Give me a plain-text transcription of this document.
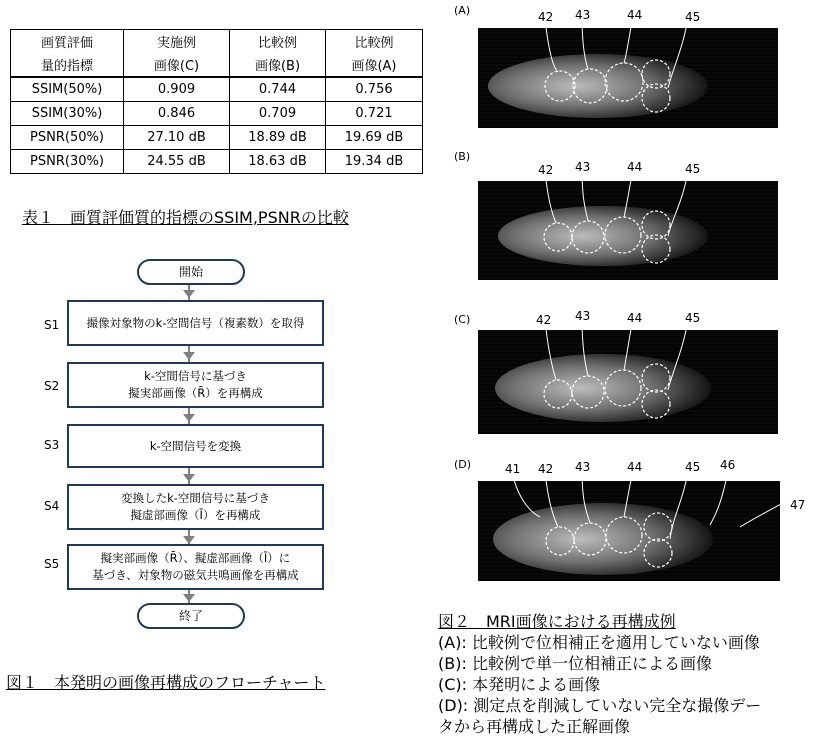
画質評価	実施例	比較例	比較例
量的指標	画像(C)	画像(B)	画像(A)
SSIM(50%)	0.909	0.744	0.756
SSIM(30%)	0.846	0.709	0.721
PSNR(50%)	27.10 dB	18.89 dB	19.69 dB
PSNR(30%)	24.55 dB	18.63 dB	19.34 dB
表１　画質評価質的指標のSSIM,PSNRの比較
開始
S1	撮像対象物のk-空間信号（複素数）を取得
S2
k-空間信号に基づき
擬実部画像（R̄）を再構成
S3	k-空間信号を変換
S4
変換したk-空間信号に基づき
擬虚部画像（Ī）を再構成
S5	擬実部画像（R̄）、擬虚部画像（Ī）に
基づき、対象物の磁気共鳴画像を再構成
終了
図１　本発明の画像再構成のフローチャート
(A)	42 43	44	45
(B)
42 43	44	45
(C)	42 43	44	45
(D)	41 42 43	44	45 46
47
図２　MRI画像における再構成例
(A): 比較例で位相補正を適用していない画像
(B): 比較例で単一位相補正による画像
(C): 本発明による画像
(D): 測定点を削減していない完全な撮像デー
タから再構成した正解画像
